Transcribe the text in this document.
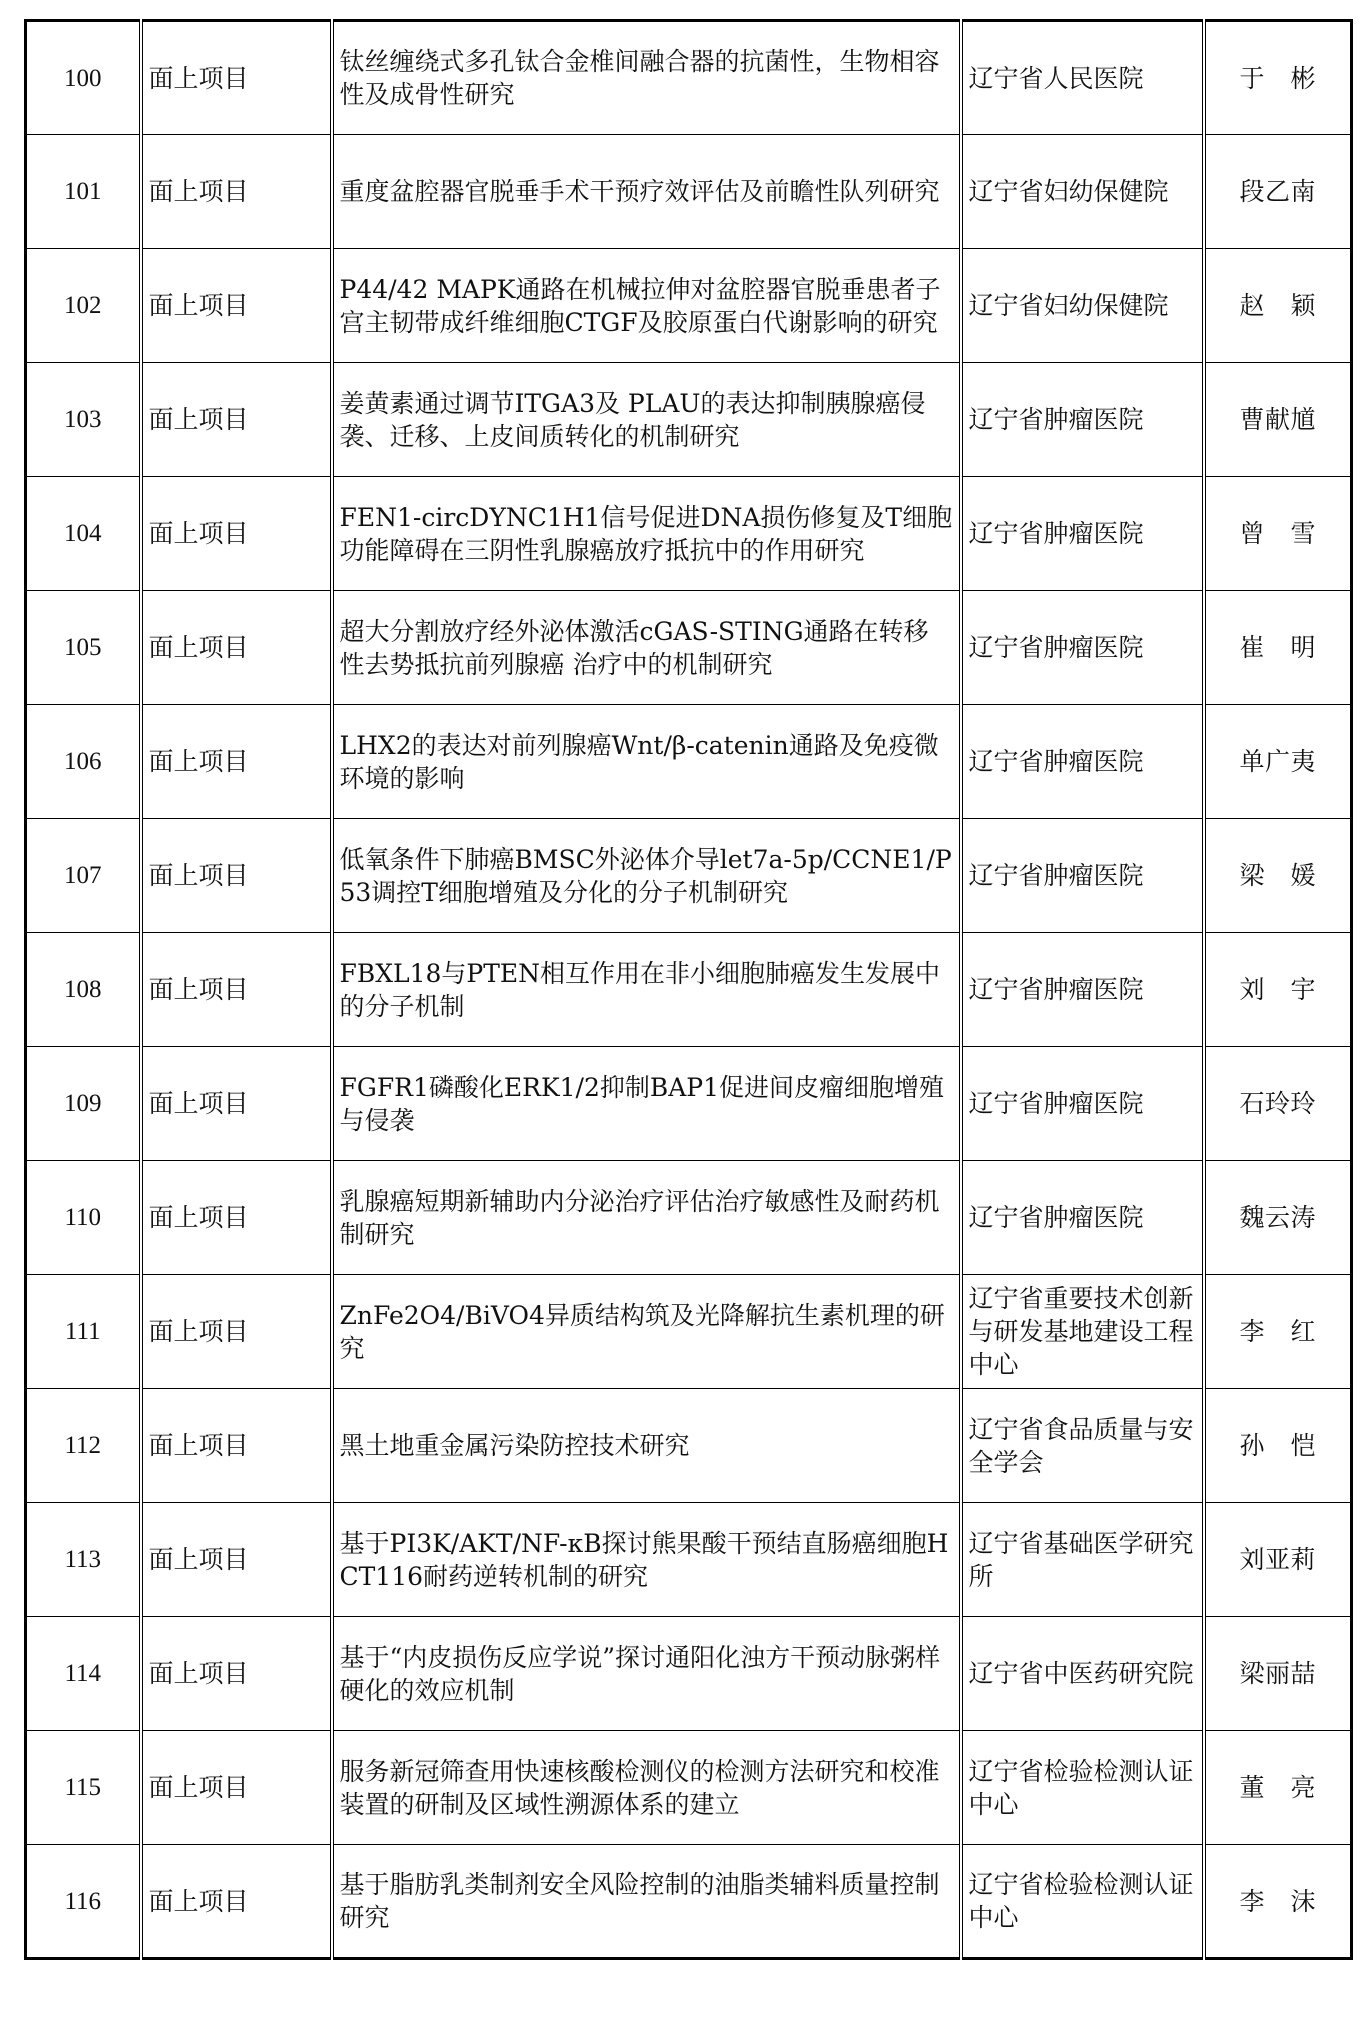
100	面上项目	钛丝缠绕式多孔钛合金椎间融合器的抗菌性，生物相容性及成骨性研究	辽宁省人民医院	于　彬
101	面上项目	重度盆腔器官脱垂手术干预疗效评估及前瞻性队列研究	辽宁省妇幼保健院	段乙南
102	面上项目	P44/42 MAPK通路在机械拉伸对盆腔器官脱垂患者子宫主韧带成纤维细胞CTGF及胶原蛋白代谢影响的研究	辽宁省妇幼保健院	赵　颖
103	面上项目	姜黄素通过调节ITGA3及 PLAU的表达抑制胰腺癌侵袭、迁移、上皮间质转化的机制研究	辽宁省肿瘤医院	曹献馗
104	面上项目	FEN1-circDYNC1H1信号促进DNA损伤修复及T细胞功能障碍在三阴性乳腺癌放疗抵抗中的作用研究	辽宁省肿瘤医院	曾　雪
105	面上项目	超大分割放疗经外泌体激活cGAS-STING通路在转移性去势抵抗前列腺癌 治疗中的机制研究	辽宁省肿瘤医院	崔　明
106	面上项目	LHX2的表达对前列腺癌Wnt/β-catenin通路及免疫微环境的影响	辽宁省肿瘤医院	单广夷
107	面上项目	低氧条件下肺癌BMSC外泌体介导let7a-5p/CCNE1/P53调控T细胞增殖及分化的分子机制研究	辽宁省肿瘤医院	梁　媛
108	面上项目	FBXL18与PTEN相互作用在非小细胞肺癌发生发展中的分子机制	辽宁省肿瘤医院	刘　宇
109	面上项目	FGFR1磷酸化ERK1/2抑制BAP1促进间皮瘤细胞增殖与侵袭	辽宁省肿瘤医院	石玲玲
110	面上项目	乳腺癌短期新辅助内分泌治疗评估治疗敏感性及耐药机制研究	辽宁省肿瘤医院	魏云涛
111	面上项目	ZnFe2O4/BiVO4异质结构筑及光降解抗生素机理的研究	辽宁省重要技术创新与研发基地建设工程中心	李　红
112	面上项目	黑土地重金属污染防控技术研究	辽宁省食品质量与安全学会	孙　恺
113	面上项目	基于PI3K/AKT/NF-κB探讨熊果酸干预结直肠癌细胞HCT116耐药逆转机制的研究	辽宁省基础医学研究所	刘亚莉
114	面上项目	基于“内皮损伤反应学说”探讨通阳化浊方干预动脉粥样硬化的效应机制	辽宁省中医药研究院	梁丽喆
115	面上项目	服务新冠筛查用快速核酸检测仪的检测方法研究和校准装置的研制及区域性溯源体系的建立	辽宁省检验检测认证中心	董　亮
116	面上项目	基于脂肪乳类制剂安全风险控制的油脂类辅料质量控制研究	辽宁省检验检测认证中心	李　沫
